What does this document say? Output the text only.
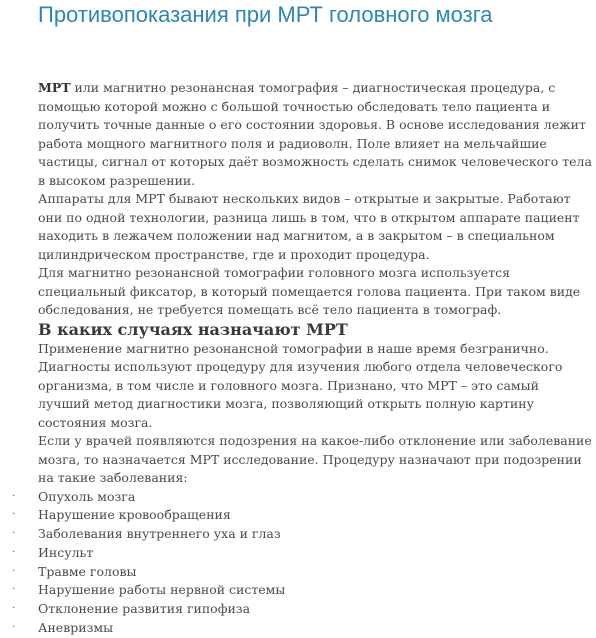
Противопоказания при МРТ головного мозга

МРТ или магнитно резонансная томография – диагностическая процедура, с помощью которой можно с большой точностью обследовать тело пациента и получить точные данные о его состоянии здоровья. В основе исследования лежит работа мощного магнитного поля и радиоволн. Поле влияет на мельчайшие частицы, сигнал от которых даёт возможность сделать снимок человеческого тела в высоком разрешении.

Аппараты для МРТ бывают нескольких видов – открытые и закрытые. Работают они по одной технологии, разница лишь в том, что в открытом аппарате пациент находить в лежачем положении над магнитом, а в закрытом – в специальном цилиндрическом пространстве, где и проходит процедура.

Для магнитно резонансной томографии головного мозга используется специальный фиксатор, в который помещается голова пациента. При таком виде обследования, не требуется помещать всё тело пациента в томограф.

В каких случаях назначают МРТ

Применение магнитно резонансной томографии в наше время безгранично. Диагносты используют процедуру для изучения любого отдела человеческого организма, в том числе и головного мозга. Признано, что МРТ – это самый лучший метод диагностики мозга, позволяющий открыть полную картину состояния мозга.

Если у врачей появляются подозрения на какое-либо отклонение или заболевание мозга, то назначается МРТ исследование. Процедуру назначают при подозрении на такие заболевания:

· Опухоль мозга
· Нарушение кровообращения
· Заболевания внутреннего уха и глаз
· Инсульт
· Травме головы
· Нарушение работы нервной системы
· Отклонение развития гипофиза
· Аневризмы
